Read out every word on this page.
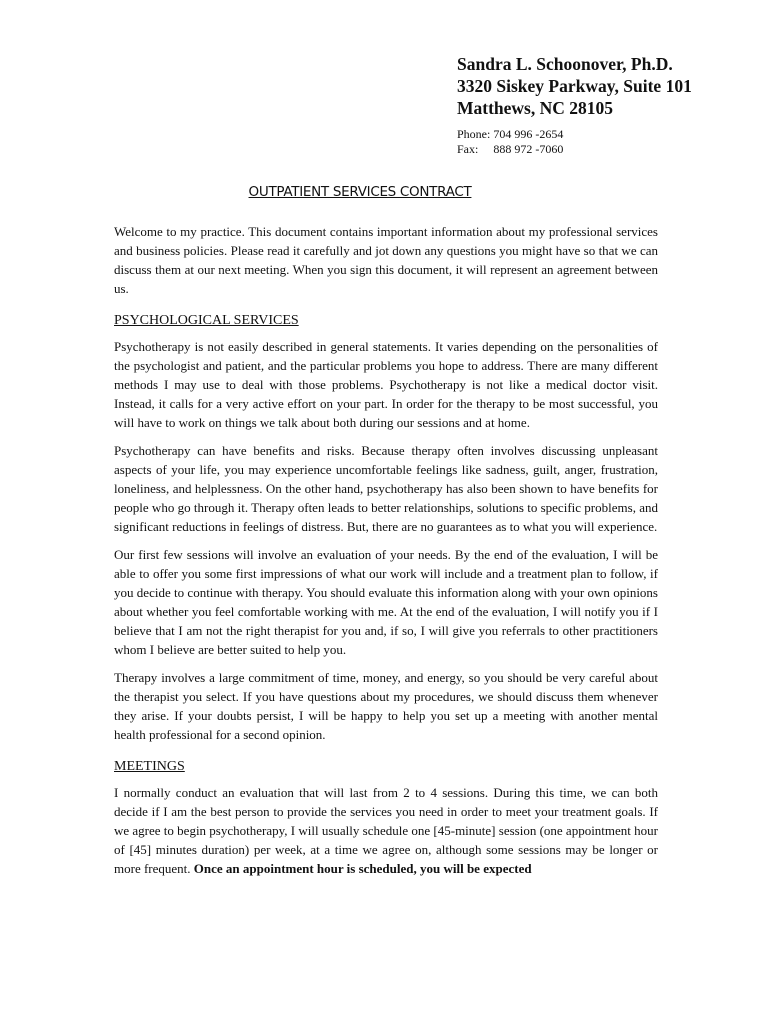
Sandra L. Schoonover, Ph.D.
3320 Siskey Parkway, Suite 101
Matthews, NC 28105
Phone: 704 996 -2654
Fax: 888 972 -7060
OUTPATIENT SERVICES CONTRACT

Welcome to my practice. This document contains important information about my professional services and business policies. Please read it carefully and jot down any questions you might have so that we can discuss them at our next meeting. When you sign this document, it will represent an agreement between us.

PSYCHOLOGICAL SERVICES

Psychotherapy is not easily described in general statements. It varies depending on the personalities of the psychologist and patient, and the particular problems you hope to address. There are many different methods I may use to deal with those problems. Psychotherapy is not like a medical doctor visit. Instead, it calls for a very active effort on your part. In order for the therapy to be most successful, you will have to work on things we talk about both during our sessions and at home.

Psychotherapy can have benefits and risks. Because therapy often involves discussing unpleasant aspects of your life, you may experience uncomfortable feelings like sadness, guilt, anger, frustration, loneliness, and helplessness. On the other hand, psychotherapy has also been shown to have benefits for people who go through it. Therapy often leads to better relationships, solutions to specific problems, and significant reductions in feelings of distress. But, there are no guarantees as to what you will experience.

Our first few sessions will involve an evaluation of your needs. By the end of the evaluation, I will be able to offer you some first impressions of what our work will include and a treatment plan to follow, if you decide to continue with therapy. You should evaluate this information along with your own opinions about whether you feel comfortable working with me. At the end of the evaluation, I will notify you if I believe that I am not the right therapist for you and, if so, I will give you referrals to other practitioners whom I believe are better suited to help you.

Therapy involves a large commitment of time, money, and energy, so you should be very careful about the therapist you select. If you have questions about my procedures, we should discuss them whenever they arise. If your doubts persist, I will be happy to help you set up a meeting with another mental health professional for a second opinion.

MEETINGS

I normally conduct an evaluation that will last from 2 to 4 sessions. During this time, we can both decide if I am the best person to provide the services you need in order to meet your treatment goals. If we agree to begin psychotherapy, I will usually schedule one [45-minute] session (one appointment hour of [45] minutes duration) per week, at a time we agree on, although some sessions may be longer or more frequent. Once an appointment hour is scheduled, you will be expected
